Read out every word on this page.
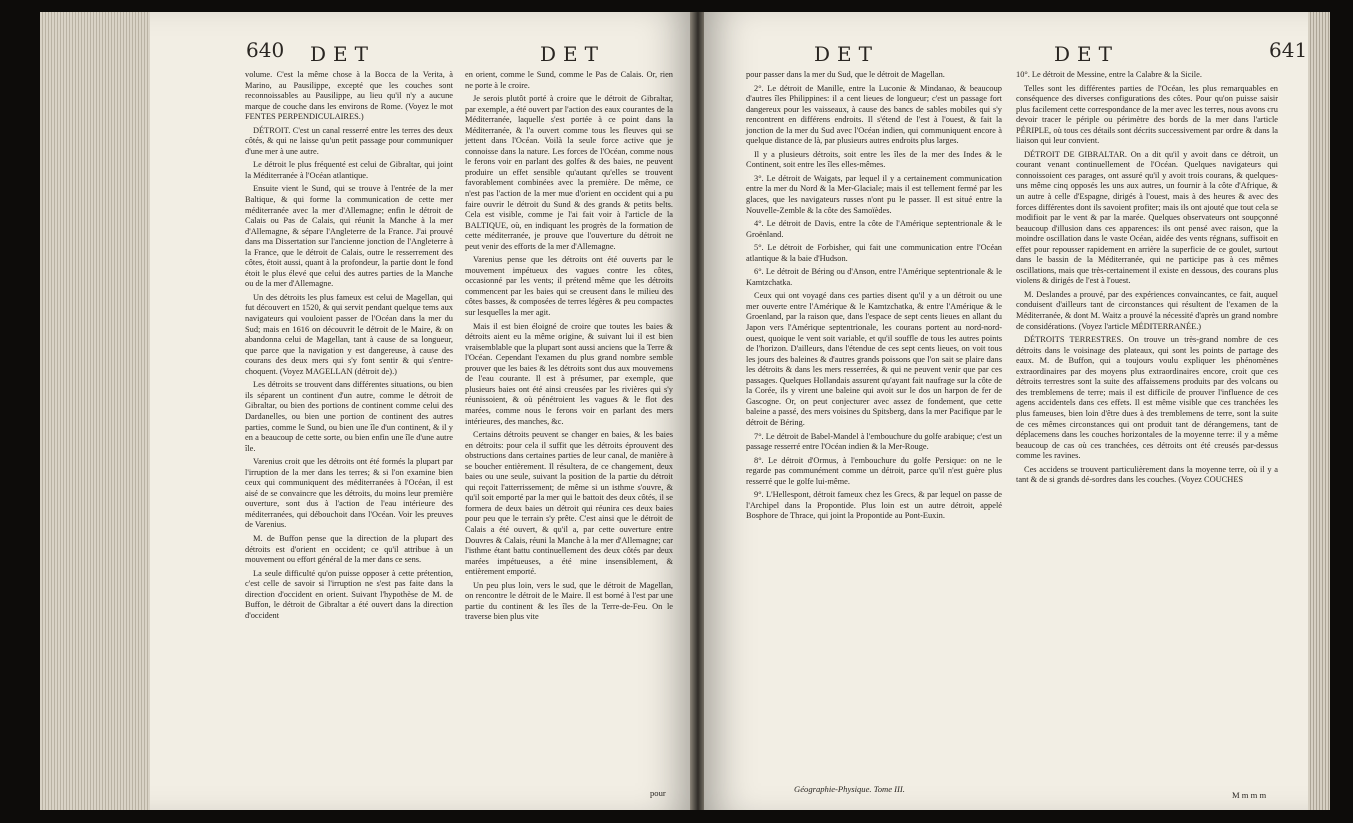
640 DET	DET

volume. C'est la même chose à la Bocca de la Verita, à Marino, au Pausilippe, excepté que les couches sont reconnoissables au Pausilippe, au lieu qu'il n'y a aucune marque de couche dans les environs de Rome. (Voyez le mot FENTES PERPENDICULAIRES.)

DÉTROIT. C'est un canal resserré entre les terres des deux côtés, & qui ne laisse qu'un petit passage pour communiquer d'une mer à une autre.

Le détroit le plus fréquenté est celui de Gibraltar, qui joint la Méditerranée à l'Océan atlantique.

Ensuite vient le Sund, qui se trouve à l'entrée de la mer Baltique, & qui forme la communication de cette mer méditerranée avec la mer d'Allemagne; enfin le détroit de Calais ou Pas de Calais, qui réunit la Manche à la mer d'Allemagne, & sépare l'Angleterre de la France. J'ai prouvé dans ma Dissertation sur l'ancienne jonction de l'Angleterre à la France, que le détroit de Calais, outre le resserrement des côtes, étoit aussi, quant à la profondeur, la partie dont le fond étoit le plus élevé que celui des autres parties de la Manche ou de la mer d'Allemagne.

Un des détroits les plus fameux est celui de Magellan, qui fut découvert en 1520, & qui servit pendant quelque tems aux navigateurs qui vouloient passer de l'Océan dans la mer du Sud; mais en 1616 on découvrit le détroit de le Maire, & on abandonna celui de Magellan, tant à cause de sa longueur, que parce que la navigation y est dangereuse, à cause des courans des deux mers qui s'y font sentir & qui s'entre-choquent. (Voyez MAGELLAN (détroit de).)

Les détroits se trouvent dans différentes situations, ou bien ils séparent un continent d'un autre, comme le détroit de Gibraltar, ou bien des portions de continent comme celui des Dardanelles, ou bien une portion de continent des autres parties, comme le Sund, ou bien une île d'un continent, & il y en a beaucoup de cette sorte, ou bien enfin une île d'une autre île.

Varenius croit que les détroits ont été formés la plupart par l'irruption de la mer dans les terres; & si l'on examine bien ceux qui communiquent des méditerranées à l'Océan, il est aisé de se convaincre que les détroits, du moins leur première ouverture, sont dus à l'action de l'eau intérieure des méditerranées, qui débouchoit dans l'Océan. Voir les preuves de Varenius.

M. de Buffon pense que la direction de la plupart des détroits est d'orient en occident; ce qu'il attribue à un mouvement ou effort général de la mer dans ce sens.

La seule difficulté qu'on puisse opposer à cette prétention, c'est celle de savoir si l'irruption ne s'est pas faite dans la direction d'occident en orient. Suivant l'hypothèse de M. de Buffon, le détroit de Gibraltar a été ouvert dans la direction d'occident

en orient, comme le Sund, comme le Pas de Calais. Or, rien ne porte à le croire.

Je serois plutôt porté à croire que le détroit de Gibraltar, par exemple, a été ouvert par l'action des eaux courantes de la Méditerranée, laquelle s'est portée à ce point dans la Méditerranée, & l'a ouvert comme tous les fleuves qui se jettent dans l'Océan. Voilà la seule force active que je connoisse dans la nature. Les forces de l'Océan, comme nous le ferons voir en parlant des golfes & des baies, ne peuvent produire un effet sensible qu'autant qu'elles se trouvent favorablement combinées avec la première. De même, ce n'est pas l'action de la mer mue d'orient en occident qui a pu faire ouvrir le détroit du Sund & des grands & petits belts. Cela est visible, comme je l'ai fait voir à l'article de la BALTIQUE, où, en indiquant les progrès de la formation de cette méditerranée, je prouve que l'ouverture du détroit ne peut venir des efforts de la mer d'Allemagne.

Varenius pense que les détroits ont été ouverts par le mouvement impétueux des vagues contre les côtes, occasionné par les vents; il prétend même que les détroits commencent par les baies qui se creusent dans le milieu des côtes basses, & composées de terres légères & peu compactes sur lesquelles la mer agit.

Mais il est bien éloigné de croire que toutes les baies & détroits aient eu la même origine, & suivant lui il est bien vraisemblable que la plupart sont aussi anciens que la Terre & l'Océan. Cependant l'examen du plus grand nombre semble prouver que les baies & les détroits sont dus aux mouvemens de l'eau courante. Il est à présumer, par exemple, que plusieurs baies ont été ainsi creusées par les rivières qui s'y réunissoient, & où pénétroient les vagues & le flot des marées, comme nous le ferons voir en parlant des mers intérieures, des manches, &c.

Certains détroits peuvent se changer en baies, & les baies en détroits: pour cela il suffit que les détroits éprouvent des obstructions dans certaines parties de leur canal, de manière à se boucher entièrement. Il résultera, de ce changement, deux baies ou une seule, suivant la position de la partie du détroit qui reçoit l'atterrissement; de même si un isthme s'ouvre, & qu'il soit emporté par la mer qui le battoit des deux côtés, il se formera de deux baies un détroit qui réunira ces deux baies pour peu que le terrain s'y prête. C'est ainsi que le détroit de Calais a été ouvert, & qu'il a, par cette ouverture entre Douvres & Calais, réuni la Manche à la mer d'Allemagne; car l'isthme étant battu continuellement des deux côtés par deux marées impétueuses, a été mine insensiblement, & entièrement emporté.

Un peu plus loin, vers le sud, que le détroit de Magellan, on rencontre le détroit de le Maire. Il est borné à l'est par une partie du continent & les îles de la Terre-de-Feu. On le traverse bien plus vite

pour
DET	DET	641

pour passer dans la mer du Sud, que le détroit de Magellan.

2°. Le détroit de Manille, entre la Luconie & Mindanao, & beaucoup d'autres îles Philippines: il a cent lieues de longueur; c'est un passage fort dangereux pour les vaisseaux, à cause des bancs de sables mobiles qui s'y rencontrent en différens endroits. Il s'étend de l'est à l'ouest, & fait la jonction de la mer du Sud avec l'Océan indien, qui communiquent encore à quelque distance de là, par plusieurs autres endroits plus larges.

Il y a plusieurs détroits, soit entre les îles de la mer des Indes & le Continent, soit entre les îles elles-mêmes.

3°. Le détroit de Waigats, par lequel il y a certainement communication entre la mer du Nord & la Mer-Glaciale; mais il est tellement fermé par les glaces, que les navigateurs russes n'ont pu le passer. Il est situé entre la Nouvelle-Zemble & la côte des Samoïèdes.

4°. Le détroit de Davis, entre la côte de l'Amérique septentrionale & le Groënland.

5°. Le détroit de Forbisher, qui fait une communication entre l'Océan atlantique & la baie d'Hudson.

6°. Le détroit de Béring ou d'Anson, entre l'Amérique septentrionale & le Kamtzchatka.

Ceux qui ont voyagé dans ces parties disent qu'il y a un détroit ou une mer ouverte entre l'Amérique & le Kamtzchatka, & entre l'Amérique & le Groenland, par la raison que, dans l'espace de sept cents lieues en allant du Japon vers l'Amérique septentrionale, les courans portent au nord-nord-ouest, quoique le vent soit variable, et qu'il souffle de tous les autres points de l'horizon. D'ailleurs, dans l'étendue de ces sept cents lieues, on voit tous les jours des baleines & d'autres grands poissons que l'on sait se plaire dans les détroits & dans les mers resserrées, & qui ne peuvent venir que par ces passages. Quelques Hollandais assurent qu'ayant fait naufrage sur la côte de la Corée, ils y virent une baleine qui avoit sur le dos un harpon de fer de Gascogne. Or, on peut conjecturer avec assez de fondement, que cette baleine a passé, des mers voisines du Spitsberg, dans la mer Pacifique par le détroit de Béring.

7°. Le détroit de Babel-Mandel à l'embouchure du golfe arabique; c'est un passage resserré entre l'Océan indien & la Mer-Rouge.

8°. Le détroit d'Ormus, à l'embouchure du golfe Persique: on ne le regarde pas communément comme un détroit, parce qu'il n'est guère plus resserré que le golfe lui-même.

9°. L'Hellespont, détroit fameux chez les Grecs, & par lequel on passe de l'Archipel dans la Propontide. Plus loin est un autre détroit, appelé Bosphore de Thrace, qui joint la Propontide au Pont-Euxin.

Géographie-Physique. Tome III.

10°. Le détroit de Messine, entre la Calabre & la Sicile.

Telles sont les différentes parties de l'Océan, les plus remarquables en conséquence des diverses configurations des côtes. Pour qu'on puisse saisir plus facilement cette correspondance de la mer avec les terres, nous avons cru devoir tracer le périple ou périmètre des bords de la mer dans l'article PÉRIPLE, où tous ces détails sont décrits successivement par ordre & dans la liaison qui leur convient.

DÉTROIT DE GIBRALTAR. On a dit qu'il y avoit dans ce détroit, un courant venant continuellement de l'Océan. Quelques navigateurs qui connoissoient ces parages, ont assuré qu'il y avoit trois courans, & quelques-uns même cinq opposés les uns aux autres, un fournir à la côte d'Afrique, & un autre à celle d'Espagne, dirigés à l'ouest, mais à des heures & avec des forces différentes dont ils savoient profiter; mais ils ont ajouté que tout cela se modifioit par le vent & par la marée. Quelques observateurs ont soupçonné beaucoup d'illusion dans ces apparences: ils ont pensé avec raison, que la moindre oscillation dans le vaste Océan, aidée des vents régnans, suffisoit en effet pour repousser rapidement en arrière la superficie de ce goulet, surtout dans le bassin de la Méditerranée, qui ne participe pas à ces mêmes oscillations, mais que très-certainement il existe en dessous, des courans plus violens & dirigés de l'est à l'ouest.

M. Deslandes a prouvé, par des expériences convaincantes, ce fait, auquel conduisent d'ailleurs tant de circonstances qui résultent de l'examen de la Méditerranée, & dont M. Waitz a prouvé la nécessité d'après un grand nombre de considérations. (Voyez l'article MÉDITERRANÉE.)

DÉTROITS TERRESTRES. On trouve un très-grand nombre de ces détroits dans le voisinage des plateaux, qui sont les points de partage des eaux. M. de Buffon, qui a toujours voulu expliquer les phénomènes extraordinaires par des moyens plus extraordinaires encore, croit que ces détroits terrestres sont la suite des affaissemens produits par des volcans ou des tremblemens de terre; mais il est difficile de prouver l'influence de ces agens accidentels dans ces effets. Il est même visible que ces tranchées les plus fameuses, bien loin d'être dues à des tremblemens de terre, sont la suite de ces mêmes circonstances qui ont produit tant de dérangemens, tant de déplacemens dans les couches horizontales de la moyenne terre: il y a même beaucoup de cas où ces tranchées, ces détroits ont été creusés par-dessus comme les ravines.

Ces accidens se trouvent particulièrement dans la moyenne terre, où il y a tant & de si grands dé-sordres dans les couches. (Voyez COUCHES

M m m m
